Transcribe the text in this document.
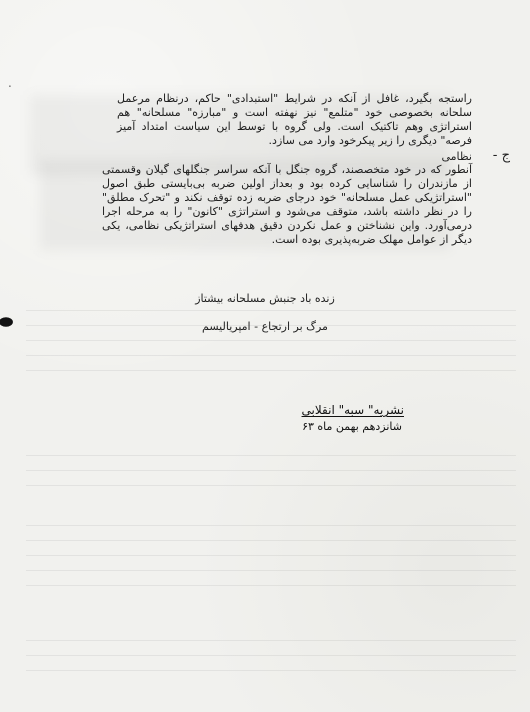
.
راستجه بگیرد، غافل از آنکه در شرایط "استبدادی" حاکم، درنظام مرعمل سلحانه بخصوصی خود "متلمع" نیز نهفته است و "مبارزه" مسلحانه" هم استراتژی وهم تاکتیک است. ولی گروه با توسط این سیاست امتداد آمیز فرصه" دیگری را زیر پیکرخود وارد می سازد.
ج -
نظامی
آنطور که در خود متخصصند، گروه جنگل با آنکه سراسر جنگلهای گیلان وقسمتی از مازندران را شناسایی کرده بود و بعداز اولین ضربه بی‌بایستی طبق اصول "استراتژیکی عمل مسلحانه" خود درجای ضربه زده توقف نکند و "تحرک مطلق" را در نظر داشته باشد، متوقف می‌شود و استراتژی "کانون" را به مرحله اجرا درمی‌آورد. واین نشناختن و عمل نکردن دقیق هدفهای استراتژیکی نظامی، یکی دیگر از عوامل مهلک ضربه‌پذیری بوده است.
زنده باد جنبش مسلحانه بیشتاز
مرگ بر ارتجاع - امپریالیسم
نشریه" سبه" انقلابی
شانزدهم بهمن ماه ۶۳
